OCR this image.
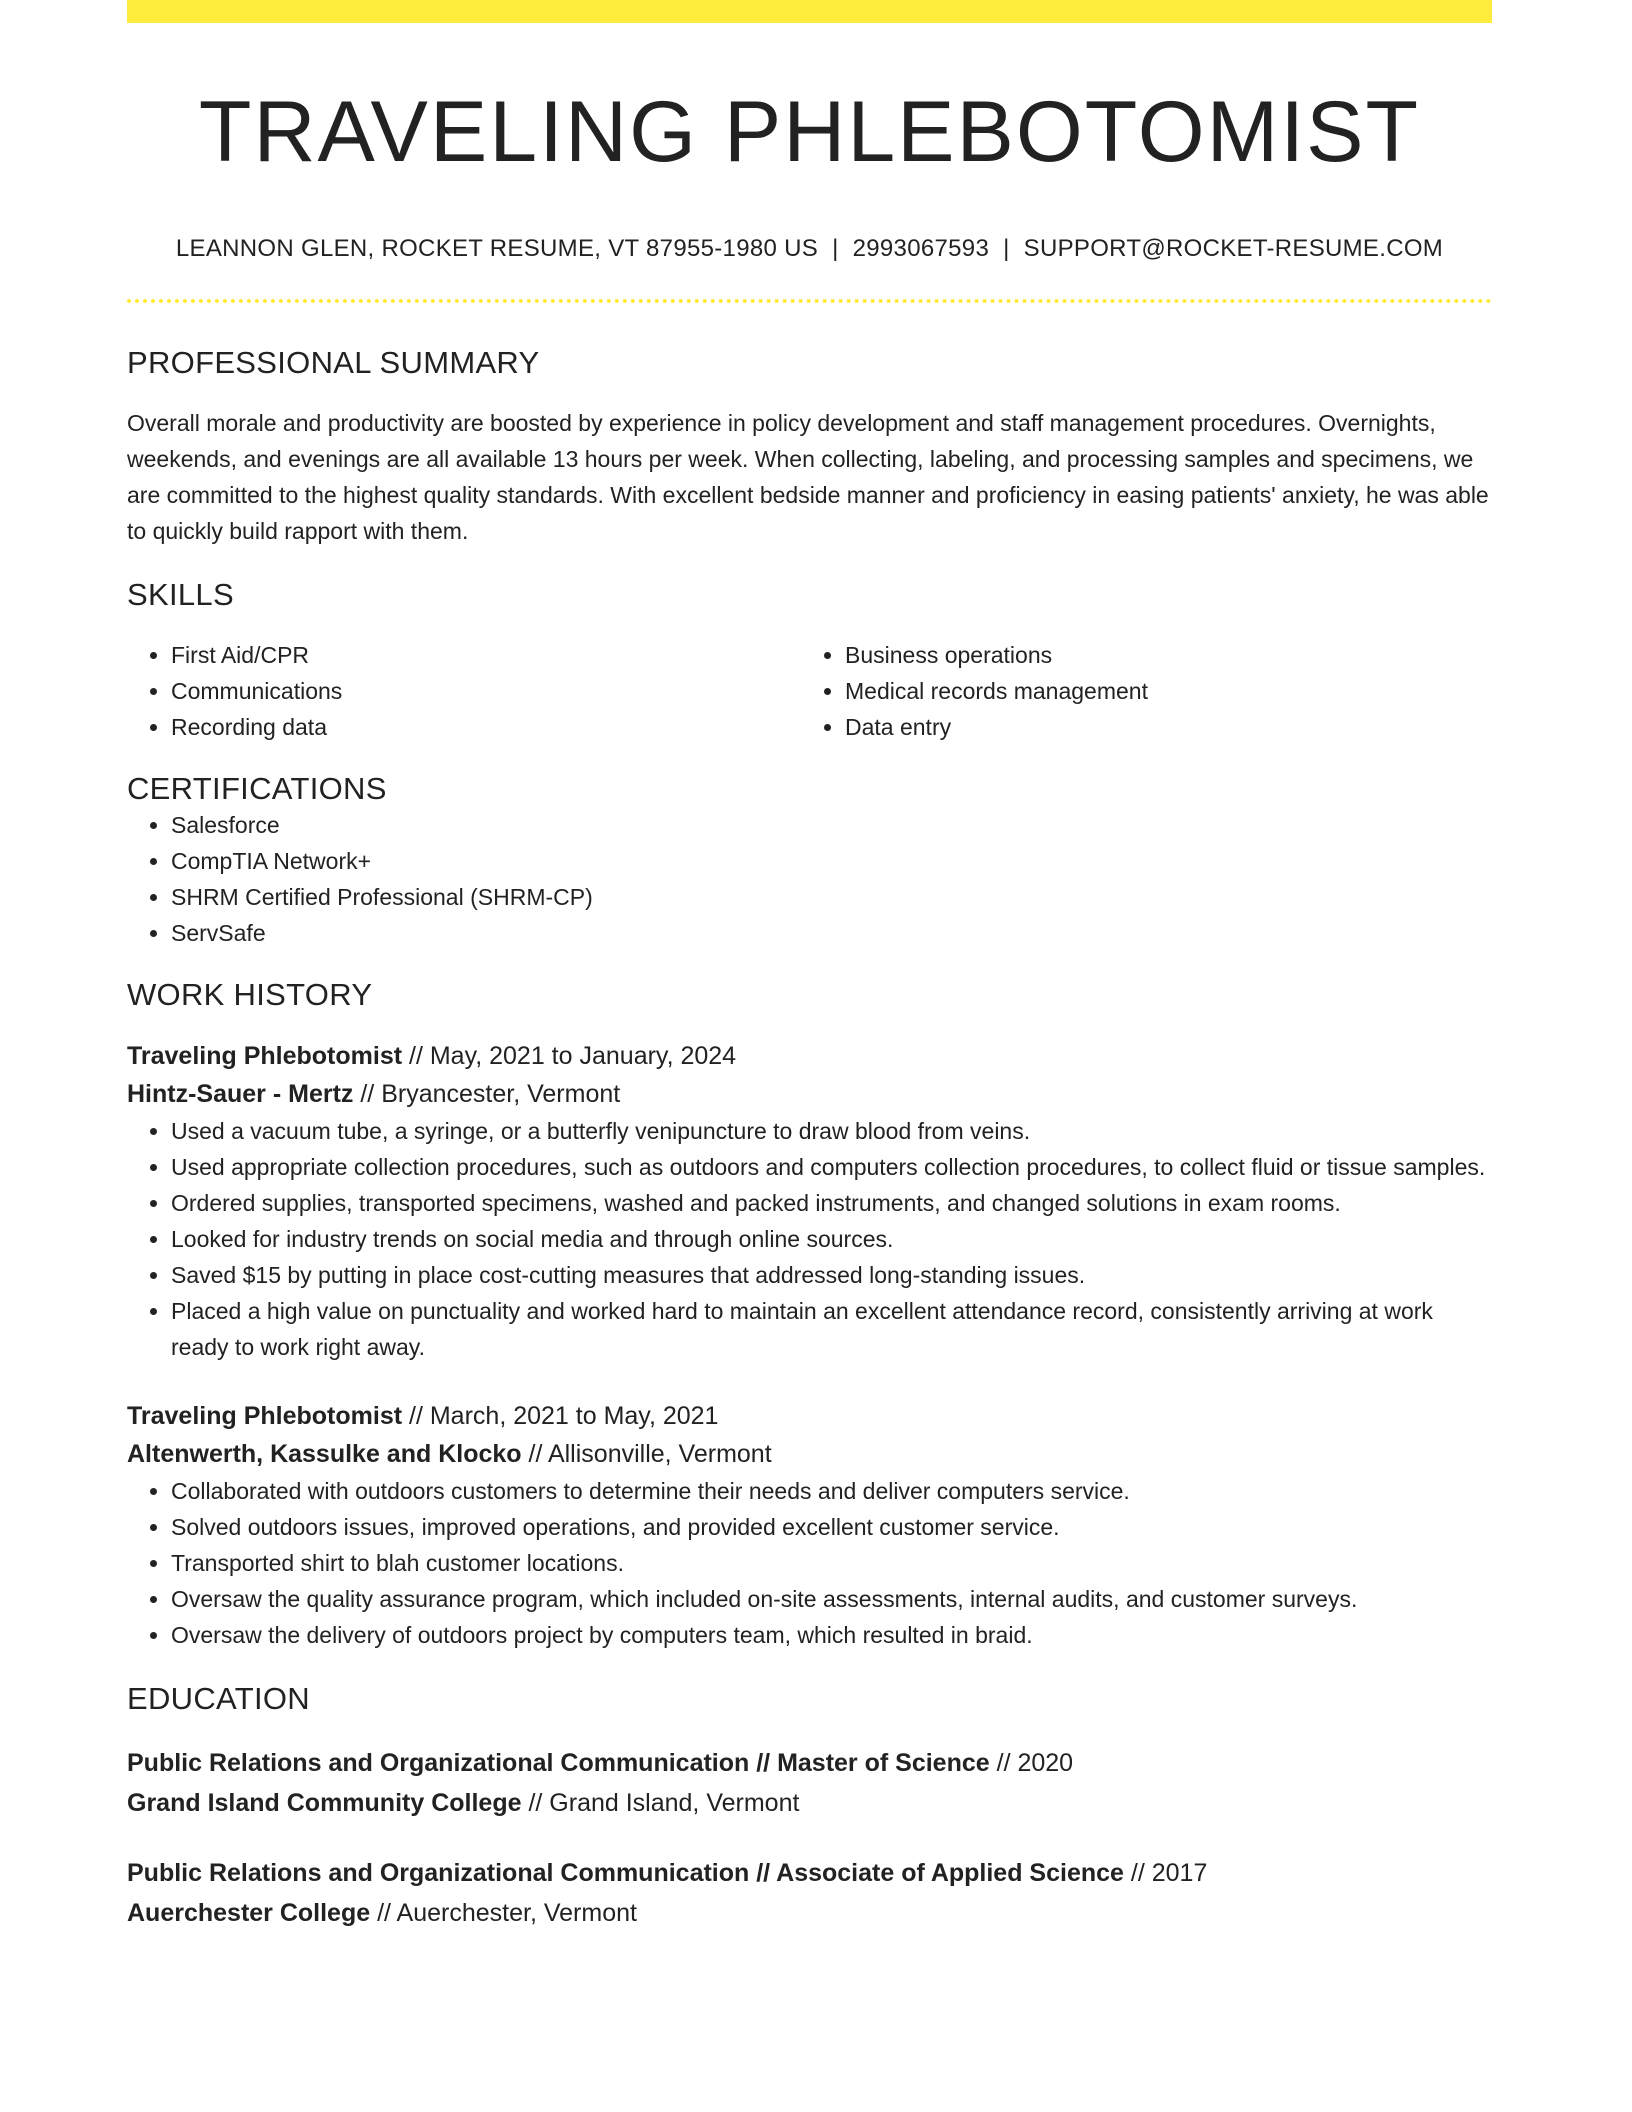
TRAVELING PHLEBOTOMIST
LEANNON GLEN, ROCKET RESUME, VT 87955-1980 US | 2993067593 | SUPPORT@ROCKET-RESUME.COM
PROFESSIONAL SUMMARY
Overall morale and productivity are boosted by experience in policy development and staff management procedures. Overnights, weekends, and evenings are all available 13 hours per week. When collecting, labeling, and processing samples and specimens, we are committed to the highest quality standards. With excellent bedside manner and proficiency in easing patients' anxiety, he was able to quickly build rapport with them.
SKILLS
• First Aid/CPR
• Communications
• Recording data
• Business operations
• Medical records management
• Data entry
CERTIFICATIONS
• Salesforce
• CompTIA Network+
• SHRM Certified Professional (SHRM-CP)
• ServSafe
WORK HISTORY
Traveling Phlebotomist // May, 2021 to January, 2024
Hintz-Sauer - Mertz // Bryancester, Vermont
• Used a vacuum tube, a syringe, or a butterfly venipuncture to draw blood from veins.
• Used appropriate collection procedures, such as outdoors and computers collection procedures, to collect fluid or tissue samples.
• Ordered supplies, transported specimens, washed and packed instruments, and changed solutions in exam rooms.
• Looked for industry trends on social media and through online sources.
• Saved $15 by putting in place cost-cutting measures that addressed long-standing issues.
• Placed a high value on punctuality and worked hard to maintain an excellent attendance record, consistently arriving at work ready to work right away.
Traveling Phlebotomist // March, 2021 to May, 2021
Altenwerth, Kassulke and Klocko // Allisonville, Vermont
• Collaborated with outdoors customers to determine their needs and deliver computers service.
• Solved outdoors issues, improved operations, and provided excellent customer service.
• Transported shirt to blah customer locations.
• Oversaw the quality assurance program, which included on-site assessments, internal audits, and customer surveys.
• Oversaw the delivery of outdoors project by computers team, which resulted in braid.
EDUCATION
Public Relations and Organizational Communication // Master of Science // 2020
Grand Island Community College // Grand Island, Vermont
Public Relations and Organizational Communication // Associate of Applied Science // 2017
Auerchester College // Auerchester, Vermont
